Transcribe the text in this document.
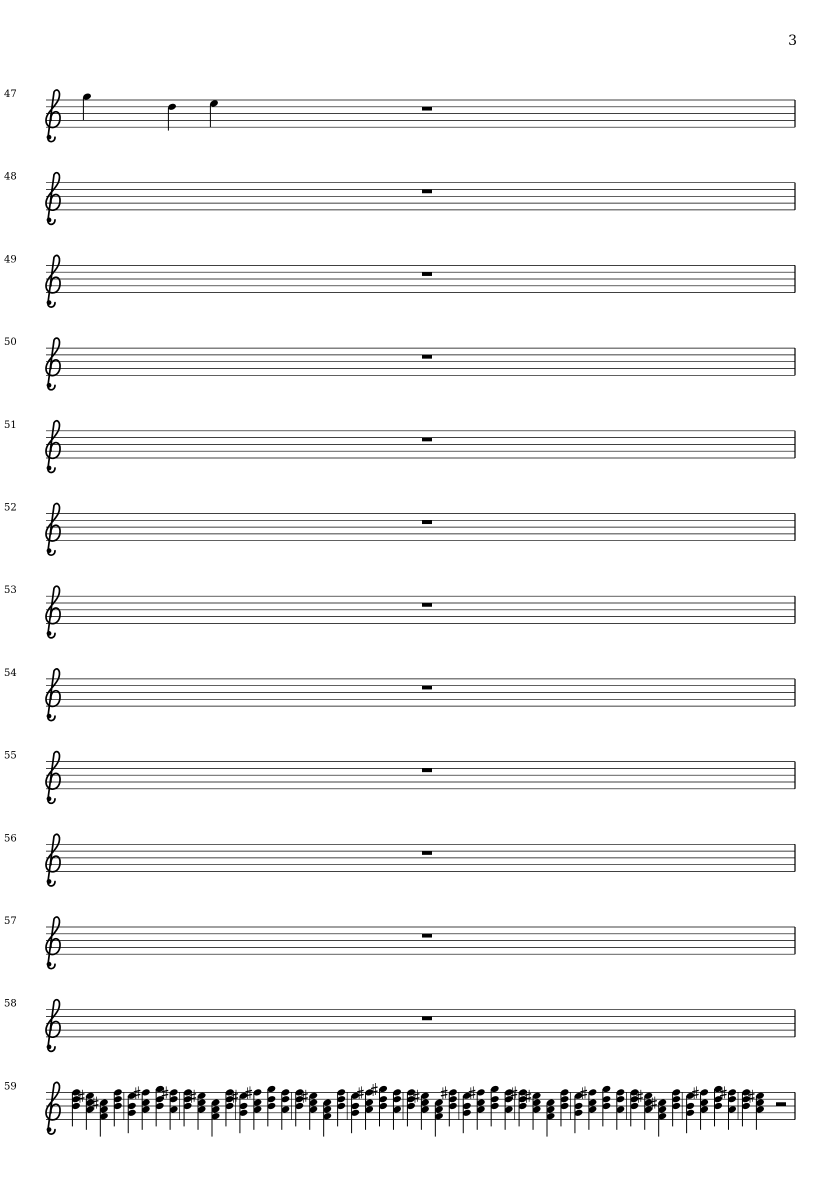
3
47
48
49
50
51
52
53
54
55
56
57
58
59
